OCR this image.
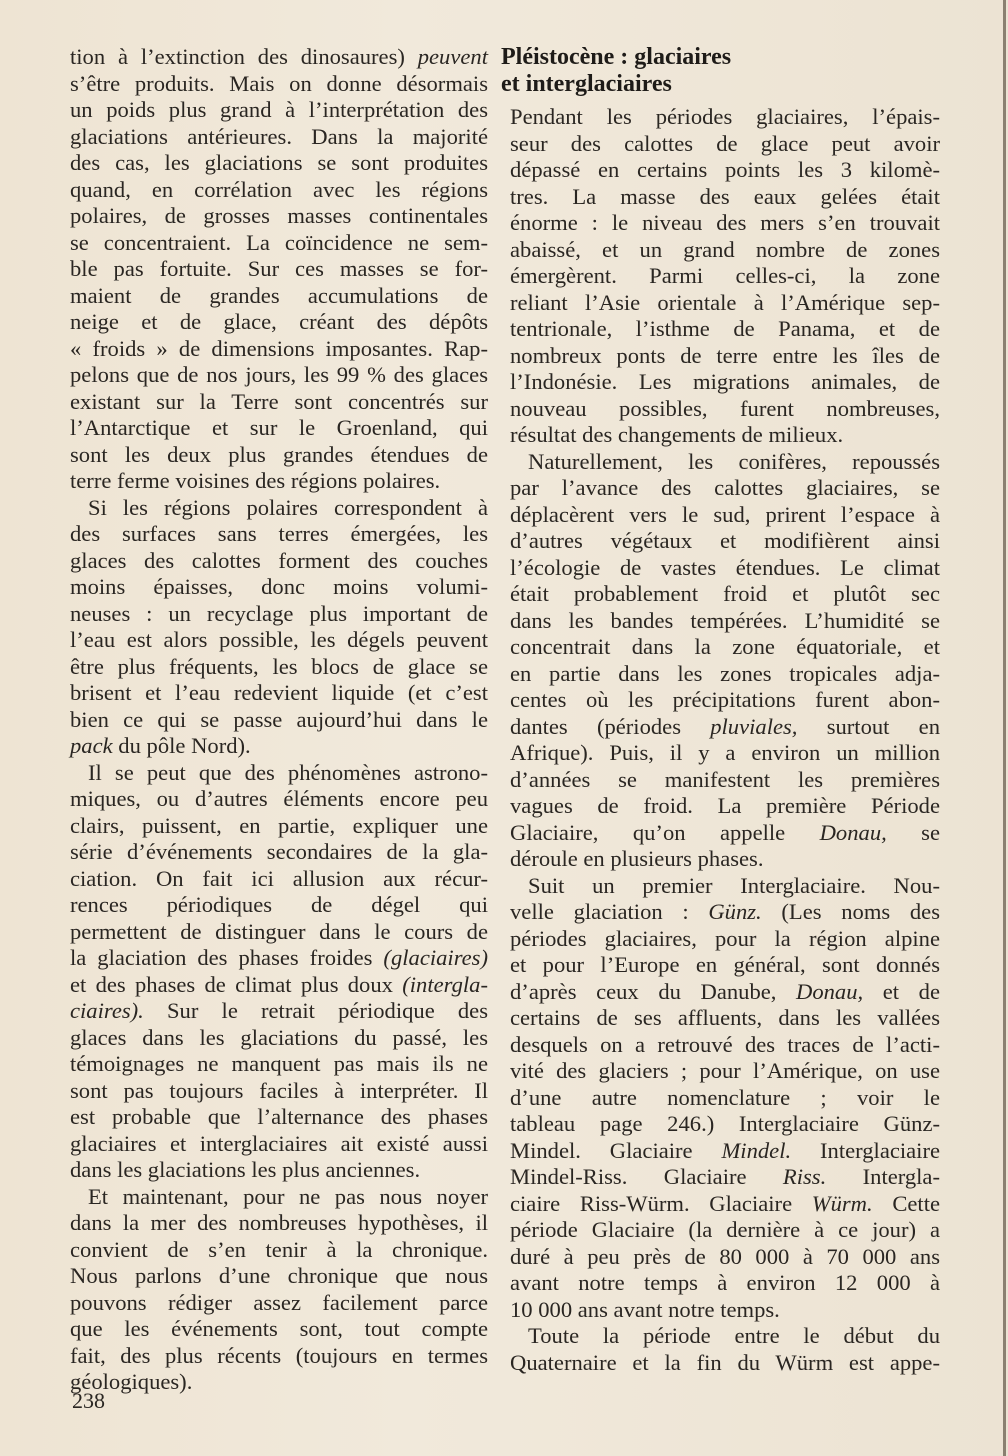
tion à l’extinction des dinosaures) peuvent
s’être produits. Mais on donne désormais
un poids plus grand à l’interprétation des
glaciations antérieures. Dans la majorité
des cas, les glaciations se sont produites
quand, en corrélation avec les régions
polaires, de grosses masses continentales
se concentraient. La coïncidence ne sem-
ble pas fortuite. Sur ces masses se for-
maient de grandes accumulations de
neige et de glace, créant des dépôts
« froids » de dimensions imposantes. Rap-
pelons que de nos jours, les 99 % des glaces
existant sur la Terre sont concentrés sur
l’Antarctique et sur le Groenland, qui
sont les deux plus grandes étendues de
terre ferme voisines des régions polaires.
Si les régions polaires correspondent à
des surfaces sans terres émergées, les
glaces des calottes forment des couches
moins épaisses, donc moins volumi-
neuses : un recyclage plus important de
l’eau est alors possible, les dégels peuvent
être plus fréquents, les blocs de glace se
brisent et l’eau redevient liquide (et c’est
bien ce qui se passe aujourd’hui dans le
pack du pôle Nord).
Il se peut que des phénomènes astrono-
miques, ou d’autres éléments encore peu
clairs, puissent, en partie, expliquer une
série d’événements secondaires de la gla-
ciation. On fait ici allusion aux récur-
rences périodiques de dégel qui
permettent de distinguer dans le cours de
la glaciation des phases froides (glaciaires)
et des phases de climat plus doux (intergla-
ciaires). Sur le retrait périodique des
glaces dans les glaciations du passé, les
témoignages ne manquent pas mais ils ne
sont pas toujours faciles à interpréter. Il
est probable que l’alternance des phases
glaciaires et interglaciaires ait existé aussi
dans les glaciations les plus anciennes.
Et maintenant, pour ne pas nous noyer
dans la mer des nombreuses hypothèses, il
convient de s’en tenir à la chronique.
Nous parlons d’une chronique que nous
pouvons rédiger assez facilement parce
que les événements sont, tout compte
fait, des plus récents (toujours en termes
géologiques).
Pléistocène : glaciaires
et interglaciaires
Pendant les périodes glaciaires, l’épais-
seur des calottes de glace peut avoir
dépassé en certains points les 3 kilomè-
tres. La masse des eaux gelées était
énorme : le niveau des mers s’en trouvait
abaissé, et un grand nombre de zones
émergèrent. Parmi celles-ci, la zone
reliant l’Asie orientale à l’Amérique sep-
tentrionale, l’isthme de Panama, et de
nombreux ponts de terre entre les îles de
l’Indonésie. Les migrations animales, de
nouveau possibles, furent nombreuses,
résultat des changements de milieux.
Naturellement, les conifères, repoussés
par l’avance des calottes glaciaires, se
déplacèrent vers le sud, prirent l’espace à
d’autres végétaux et modifièrent ainsi
l’écologie de vastes étendues. Le climat
était probablement froid et plutôt sec
dans les bandes tempérées. L’humidité se
concentrait dans la zone équatoriale, et
en partie dans les zones tropicales adja-
centes où les précipitations furent abon-
dantes (périodes pluviales, surtout en
Afrique). Puis, il y a environ un million
d’années se manifestent les premières
vagues de froid. La première Période
Glaciaire, qu’on appelle Donau, se
déroule en plusieurs phases.
Suit un premier Interglaciaire. Nou-
velle glaciation : Günz. (Les noms des
périodes glaciaires, pour la région alpine
et pour l’Europe en général, sont donnés
d’après ceux du Danube, Donau, et de
certains de ses affluents, dans les vallées
desquels on a retrouvé des traces de l’acti-
vité des glaciers ; pour l’Amérique, on use
d’une autre nomenclature ; voir le
tableau page 246.) Interglaciaire Günz-
Mindel. Glaciaire Mindel. Interglaciaire
Mindel-Riss. Glaciaire Riss. Intergla-
ciaire Riss-Würm. Glaciaire Würm. Cette
période Glaciaire (la dernière à ce jour) a
duré à peu près de 80 000 à 70 000 ans
avant notre temps à environ 12 000 à
10 000 ans avant notre temps.
Toute la période entre le début du
Quaternaire et la fin du Würm est appe-
238
